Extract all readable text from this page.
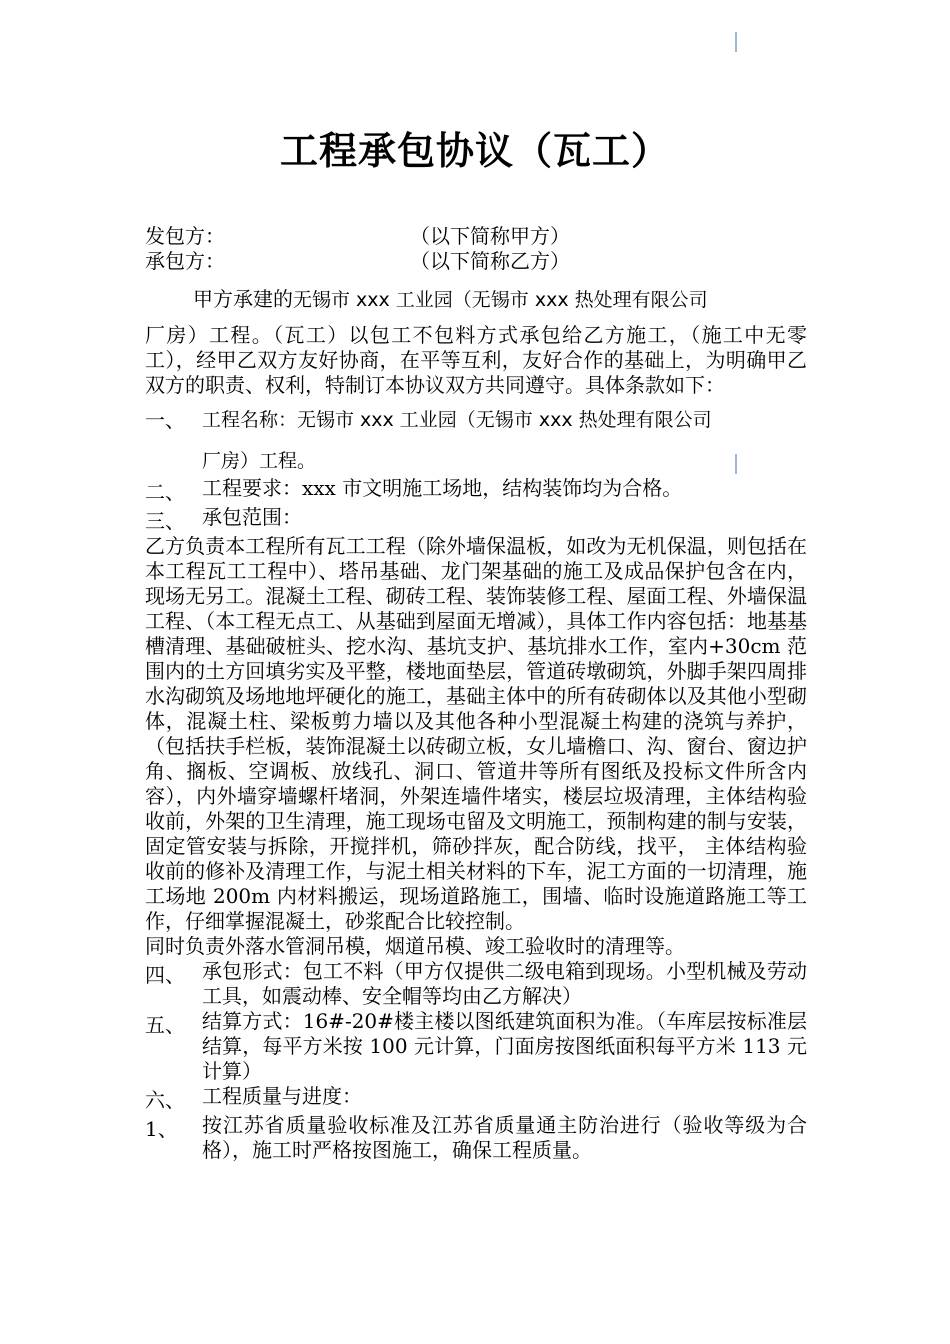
工程承包协议（瓦工）
发包方：	（以下简称甲方）
承包方：	（以下简称乙方）
甲方承建的无锡市 xxx 工业园（无锡市 xxx 热处理有限公司
厂房）工程。（瓦工）以包工不包料方式承包给乙方施工，（施工中无零工），经甲乙双方友好协商，在平等互利，友好合作的基础上，为明确甲乙双方的职责、权利，特制订本协议双方共同遵守。具体条款如下：
一、 工程名称：无锡市 xxx 工业园（无锡市 xxx 热处理有限公司
厂房）工程。
二、 工程要求：xxx 市文明施工场地，结构装饰均为合格。
三、 承包范围：
乙方负责本工程所有瓦工工程（除外墙保温板，如改为无机保温，则包括在本工程瓦工工程中）、塔吊基础、龙门架基础的施工及成品保护包含在内，现场无另工。混凝土工程、砌砖工程、装饰装修工程、屋面工程、外墙保温工程、（本工程无点工、从基础到屋面无增减），具体工作内容包括：地基基槽清理、基础破桩头、挖水沟、基坑支护、基坑排水工作，室内+30cm 范围内的土方回填劣实及平整，楼地面垫层，管道砖墩砌筑，外脚手架四周排水沟砌筑及场地地坪硬化的施工，基础主体中的所有砖砌体以及其他小型砌体，混凝土柱、梁板剪力墙以及其他各种小型混凝土构建的浇筑与养护，（包括扶手栏板，装饰混凝土以砖砌立板，女儿墙檐口、沟、窗台、窗边护角、搁板、空调板、放线孔、洞口、管道井等所有图纸及投标文件所含内容），内外墙穿墙螺杆堵洞，外架连墙件堵实，楼层垃圾清理，主体结构验收前，外架的卫生清理，施工现场屯留及文明施工，预制构建的制与安装，固定管安装与拆除，开搅拌机，筛砂拌灰，配合防线，找平， 主体结构验收前的修补及清理工作，与泥土相关材料的下车，泥工方面的一切清理，施工场地 200m 内材料搬运，现场道路施工，围墙、临时设施道路施工等工作，仔细掌握混凝土，砂浆配合比较控制。
同时负责外落水管洞吊模，烟道吊模、竣工验收时的清理等。
四、 承包形式：包工不料（甲方仅提供二级电箱到现场。小型机械及劳动工具，如震动棒、安全帽等均由乙方解决）
五、 结算方式：16#-20#楼主楼以图纸建筑面积为准。（车库层按标准层结算，每平方米按 100 元计算，门面房按图纸面积每平方米 113 元计算）
六、 工程质量与进度：
1、	按江苏省质量验收标准及江苏省质量通主防治进行（验收等级为合格），施工时严格按图施工，确保工程质量。
